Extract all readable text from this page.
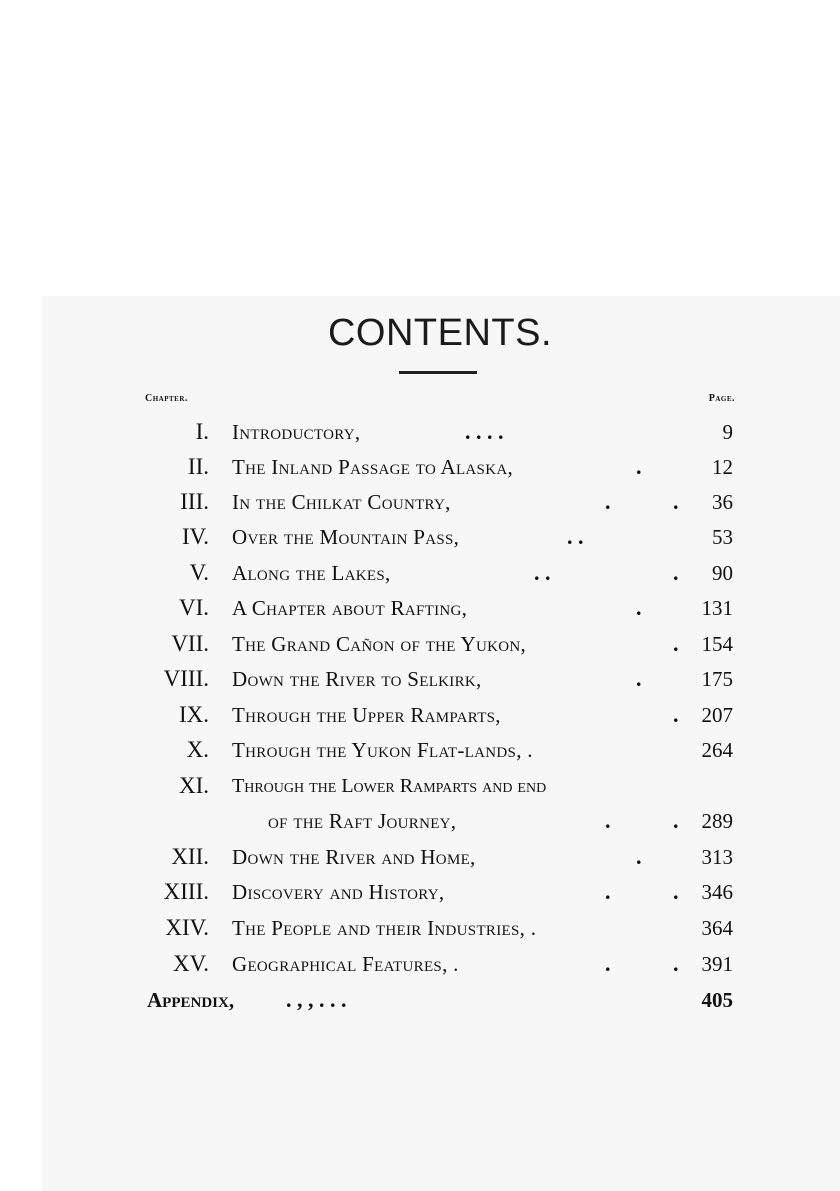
CONTENTS.
Chapter.	Page.
I. Introductory,	. . . .	9
II. The Inland Passage to Alaska,	.	12
III. In the Chilkat Country,	.	. 36
IV. Over the Mountain Pass,	. .	53
V. Along the Lakes,	. .	. 90
VI. A Chapter about Rafting,	.	131
VII. The Grand Cañon of the Yukon,	. 154
VIII. Down the River to Selkirk,	.	175
IX. Through the Upper Ramparts,	. 207
X. Through the Yukon Flat-lands, .	264
XI. Through the Lower Ramparts and end
of the Raft Journey,	.	. 289
XII. Down the River and Home,	.	313
XIII. Discovery and History,	.	. 346
XIV. The People and their Industries, .	364
XV. Geographical Features, .	.	. 391
Appendix, . , , . . .	405
